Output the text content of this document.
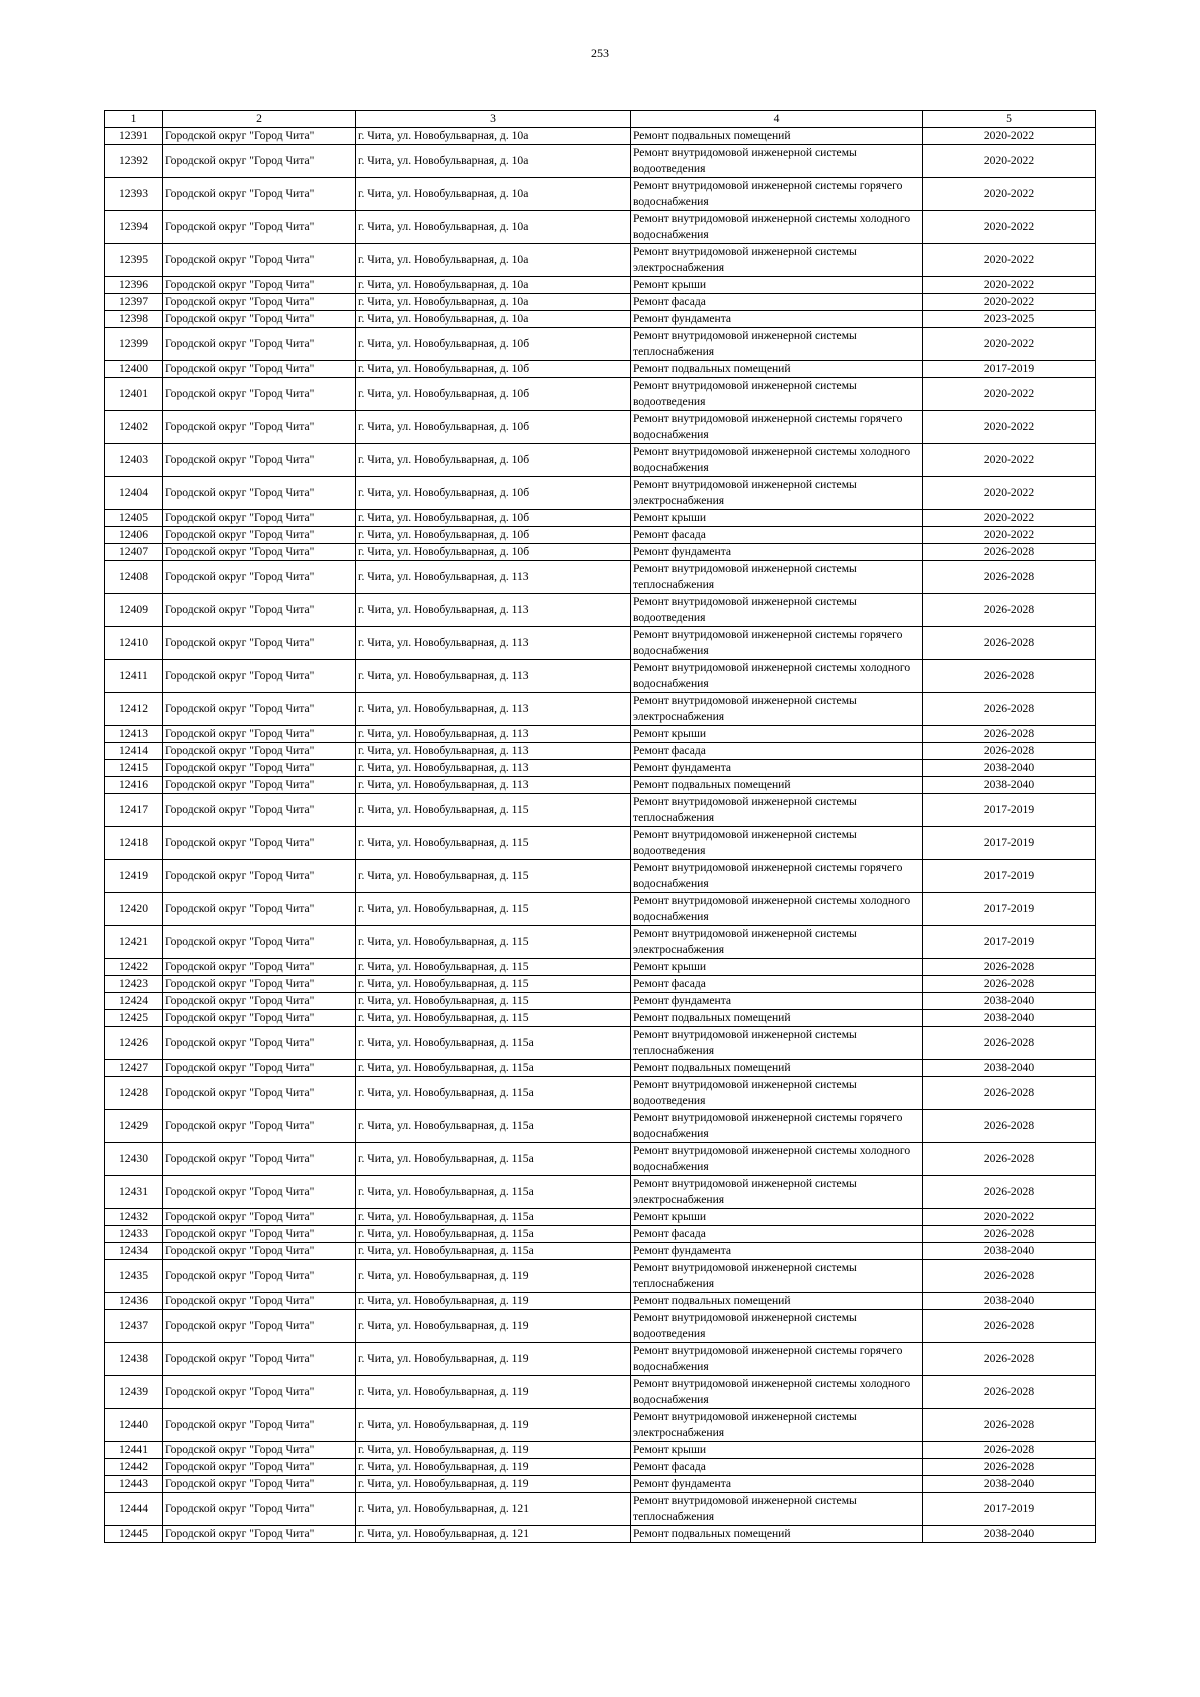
253
1	2	3	4	5
12391	Городской округ "Город Чита"	г. Чита, ул. Новобульварная, д. 10а	Ремонт подвальных помещений	2020-2022
12392	Городской округ "Город Чита"	г. Чита, ул. Новобульварная, д. 10а	Ремонт внутридомовой инженерной системы водоотведения	2020-2022
12393	Городской округ "Город Чита"	г. Чита, ул. Новобульварная, д. 10а	Ремонт внутридомовой инженерной системы горячего водоснабжения	2020-2022
12394	Городской округ "Город Чита"	г. Чита, ул. Новобульварная, д. 10а	Ремонт внутридомовой инженерной системы холодного водоснабжения	2020-2022
12395	Городской округ "Город Чита"	г. Чита, ул. Новобульварная, д. 10а	Ремонт внутридомовой инженерной системы электроснабжения	2020-2022
12396	Городской округ "Город Чита"	г. Чита, ул. Новобульварная, д. 10а	Ремонт крыши	2020-2022
12397	Городской округ "Город Чита"	г. Чита, ул. Новобульварная, д. 10а	Ремонт фасада	2020-2022
12398	Городской округ "Город Чита"	г. Чита, ул. Новобульварная, д. 10а	Ремонт фундамента	2023-2025
12399	Городской округ "Город Чита"	г. Чита, ул. Новобульварная, д. 10б	Ремонт внутридомовой инженерной системы теплоснабжения	2020-2022
12400	Городской округ "Город Чита"	г. Чита, ул. Новобульварная, д. 10б	Ремонт подвальных помещений	2017-2019
12401	Городской округ "Город Чита"	г. Чита, ул. Новобульварная, д. 10б	Ремонт внутридомовой инженерной системы водоотведения	2020-2022
12402	Городской округ "Город Чита"	г. Чита, ул. Новобульварная, д. 10б	Ремонт внутридомовой инженерной системы горячего водоснабжения	2020-2022
12403	Городской округ "Город Чита"	г. Чита, ул. Новобульварная, д. 10б	Ремонт внутридомовой инженерной системы холодного водоснабжения	2020-2022
12404	Городской округ "Город Чита"	г. Чита, ул. Новобульварная, д. 10б	Ремонт внутридомовой инженерной системы электроснабжения	2020-2022
12405	Городской округ "Город Чита"	г. Чита, ул. Новобульварная, д. 10б	Ремонт крыши	2020-2022
12406	Городской округ "Город Чита"	г. Чита, ул. Новобульварная, д. 10б	Ремонт фасада	2020-2022
12407	Городской округ "Город Чита"	г. Чита, ул. Новобульварная, д. 10б	Ремонт фундамента	2026-2028
12408	Городской округ "Город Чита"	г. Чита, ул. Новобульварная, д. 113	Ремонт внутридомовой инженерной системы теплоснабжения	2026-2028
12409	Городской округ "Город Чита"	г. Чита, ул. Новобульварная, д. 113	Ремонт внутридомовой инженерной системы водоотведения	2026-2028
12410	Городской округ "Город Чита"	г. Чита, ул. Новобульварная, д. 113	Ремонт внутридомовой инженерной системы горячего водоснабжения	2026-2028
12411	Городской округ "Город Чита"	г. Чита, ул. Новобульварная, д. 113	Ремонт внутридомовой инженерной системы холодного водоснабжения	2026-2028
12412	Городской округ "Город Чита"	г. Чита, ул. Новобульварная, д. 113	Ремонт внутридомовой инженерной системы электроснабжения	2026-2028
12413	Городской округ "Город Чита"	г. Чита, ул. Новобульварная, д. 113	Ремонт крыши	2026-2028
12414	Городской округ "Город Чита"	г. Чита, ул. Новобульварная, д. 113	Ремонт фасада	2026-2028
12415	Городской округ "Город Чита"	г. Чита, ул. Новобульварная, д. 113	Ремонт фундамента	2038-2040
12416	Городской округ "Город Чита"	г. Чита, ул. Новобульварная, д. 113	Ремонт подвальных помещений	2038-2040
12417	Городской округ "Город Чита"	г. Чита, ул. Новобульварная, д. 115	Ремонт внутридомовой инженерной системы теплоснабжения	2017-2019
12418	Городской округ "Город Чита"	г. Чита, ул. Новобульварная, д. 115	Ремонт внутридомовой инженерной системы водоотведения	2017-2019
12419	Городской округ "Город Чита"	г. Чита, ул. Новобульварная, д. 115	Ремонт внутридомовой инженерной системы горячего водоснабжения	2017-2019
12420	Городской округ "Город Чита"	г. Чита, ул. Новобульварная, д. 115	Ремонт внутридомовой инженерной системы холодного водоснабжения	2017-2019
12421	Городской округ "Город Чита"	г. Чита, ул. Новобульварная, д. 115	Ремонт внутридомовой инженерной системы электроснабжения	2017-2019
12422	Городской округ "Город Чита"	г. Чита, ул. Новобульварная, д. 115	Ремонт крыши	2026-2028
12423	Городской округ "Город Чита"	г. Чита, ул. Новобульварная, д. 115	Ремонт фасада	2026-2028
12424	Городской округ "Город Чита"	г. Чита, ул. Новобульварная, д. 115	Ремонт фундамента	2038-2040
12425	Городской округ "Город Чита"	г. Чита, ул. Новобульварная, д. 115	Ремонт подвальных помещений	2038-2040
12426	Городской округ "Город Чита"	г. Чита, ул. Новобульварная, д. 115а	Ремонт внутридомовой инженерной системы теплоснабжения	2026-2028
12427	Городской округ "Город Чита"	г. Чита, ул. Новобульварная, д. 115а	Ремонт подвальных помещений	2038-2040
12428	Городской округ "Город Чита"	г. Чита, ул. Новобульварная, д. 115а	Ремонт внутридомовой инженерной системы водоотведения	2026-2028
12429	Городской округ "Город Чита"	г. Чита, ул. Новобульварная, д. 115а	Ремонт внутридомовой инженерной системы горячего водоснабжения	2026-2028
12430	Городской округ "Город Чита"	г. Чита, ул. Новобульварная, д. 115а	Ремонт внутридомовой инженерной системы холодного водоснабжения	2026-2028
12431	Городской округ "Город Чита"	г. Чита, ул. Новобульварная, д. 115а	Ремонт внутридомовой инженерной системы электроснабжения	2026-2028
12432	Городской округ "Город Чита"	г. Чита, ул. Новобульварная, д. 115а	Ремонт крыши	2020-2022
12433	Городской округ "Город Чита"	г. Чита, ул. Новобульварная, д. 115а	Ремонт фасада	2026-2028
12434	Городской округ "Город Чита"	г. Чита, ул. Новобульварная, д. 115а	Ремонт фундамента	2038-2040
12435	Городской округ "Город Чита"	г. Чита, ул. Новобульварная, д. 119	Ремонт внутридомовой инженерной системы теплоснабжения	2026-2028
12436	Городской округ "Город Чита"	г. Чита, ул. Новобульварная, д. 119	Ремонт подвальных помещений	2038-2040
12437	Городской округ "Город Чита"	г. Чита, ул. Новобульварная, д. 119	Ремонт внутридомовой инженерной системы водоотведения	2026-2028
12438	Городской округ "Город Чита"	г. Чита, ул. Новобульварная, д. 119	Ремонт внутридомовой инженерной системы горячего водоснабжения	2026-2028
12439	Городской округ "Город Чита"	г. Чита, ул. Новобульварная, д. 119	Ремонт внутридомовой инженерной системы холодного водоснабжения	2026-2028
12440	Городской округ "Город Чита"	г. Чита, ул. Новобульварная, д. 119	Ремонт внутридомовой инженерной системы электроснабжения	2026-2028
12441	Городской округ "Город Чита"	г. Чита, ул. Новобульварная, д. 119	Ремонт крыши	2026-2028
12442	Городской округ "Город Чита"	г. Чита, ул. Новобульварная, д. 119	Ремонт фасада	2026-2028
12443	Городской округ "Город Чита"	г. Чита, ул. Новобульварная, д. 119	Ремонт фундамента	2038-2040
12444	Городской округ "Город Чита"	г. Чита, ул. Новобульварная, д. 121	Ремонт внутридомовой инженерной системы теплоснабжения	2017-2019
12445	Городской округ "Город Чита"	г. Чита, ул. Новобульварная, д. 121	Ремонт подвальных помещений	2038-2040
